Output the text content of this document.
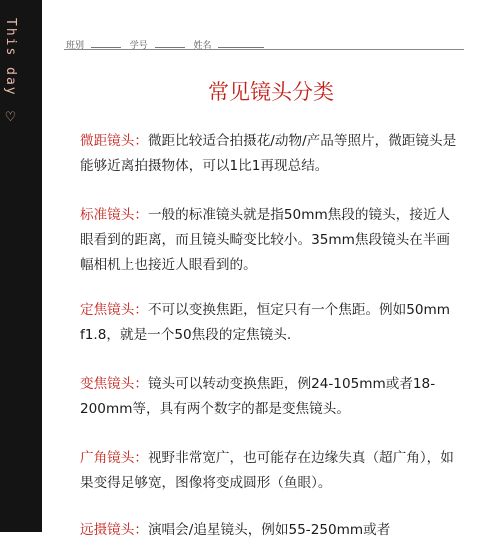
This day ♡
班别	学号	姓名
常见镜头分类
微距镜头：微距比较适合拍摄花/动物/产品等照片，微距镜头是能够近离拍摄物体，可以1比1再现总结。
标准镜头：一般的标准镜头就是指50mm焦段的镜头，接近人眼看到的距离，而且镜头畸变比较小。35mm焦段镜头在半画幅相机上也接近人眼看到的。
定焦镜头：不可以变换焦距，恒定只有一个焦距。例如50mm f1.8，就是一个50焦段的定焦镜头.
变焦镜头：镜头可以转动变换焦距，例24-105mm或者18-200mm等，具有两个数字的都是变焦镜头。
广角镜头：视野非常宽广，也可能存在边缘失真（超广角），如果变得足够宽，图像将变成圆形（鱼眼）。
远摄镜头：演唱会/追星镜头，例如55-250mm或者
